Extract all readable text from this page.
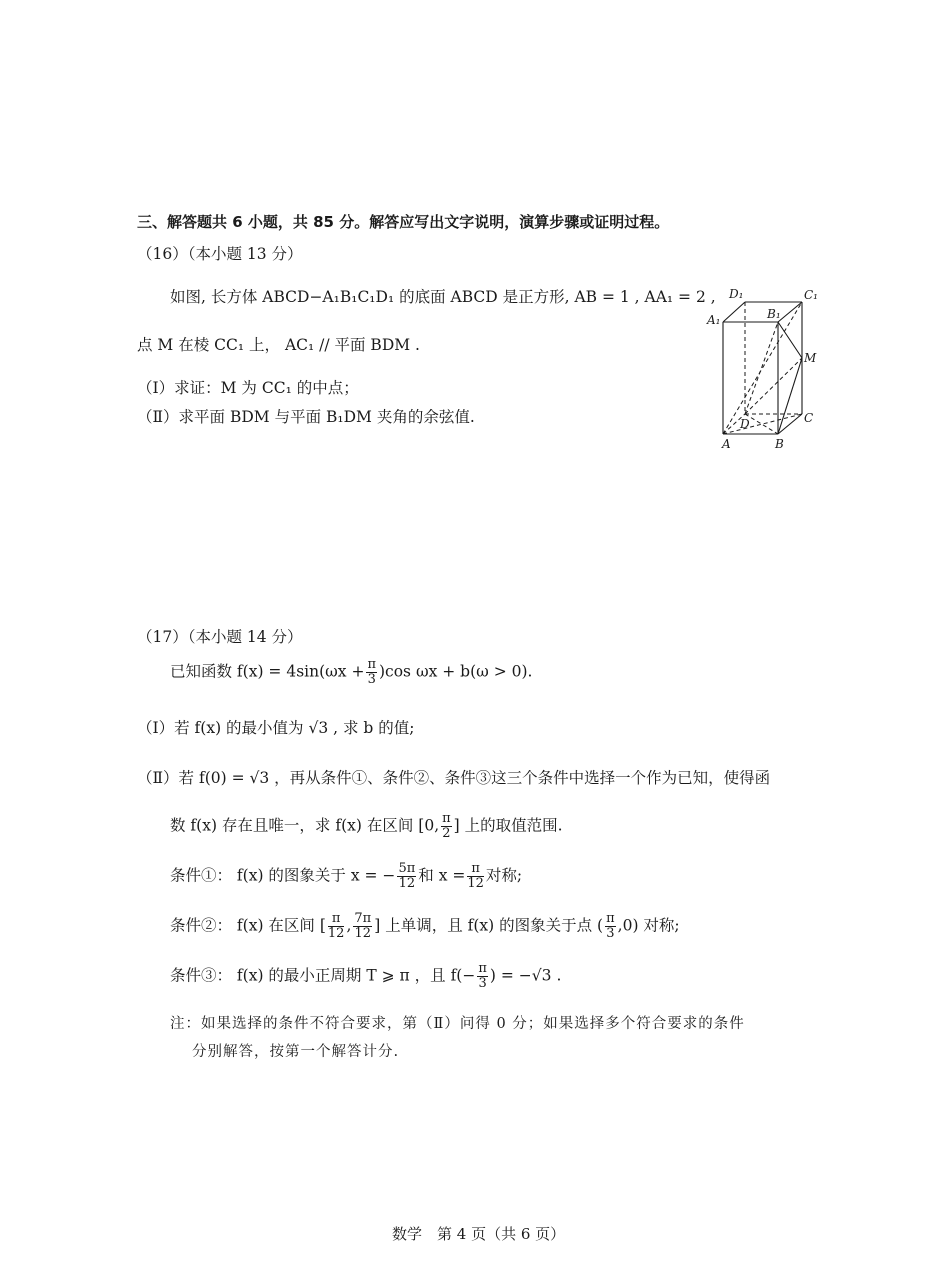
三、解答题共 6 小题，共 85 分。解答应写出文字说明，演算步骤或证明过程。
（16）（本小题 13 分）
如图, 长方体 ABCD−A₁B₁C₁D₁ 的底面 ABCD 是正方形, AB = 1 , AA₁ = 2 ,
点 M 在棱 CC₁ 上， AC₁ // 平面 BDM .
（Ⅰ）求证：M 为 CC₁ 的中点；
（Ⅱ）求平面 BDM 与平面 B₁DM 夹角的余弦值.
D₁	C₁
A₁	B₁
M
D	C
A	B
（17）（本小题 14 分）
已知函数 $f(x) = 4\sin(\omega x + \frac{\pi}{3} )\cos$ ωx + b(ω > 0).
（Ⅰ）若 f(x) 的最小值为 √3 , 求 b 的值;
（Ⅱ）若 f(0) = √3 ，再从条件①、条件②、条件③这三个条件中选择一个作为已知，使得函
数 f(x) 存在且唯一，求 f(x) 在区间 [0, $\frac{\pi}{2}$ ] 上的取值范围.
条件①： f(x) 的图象关于 x = − $\frac{5\pi}{12}$ 和 $x = \frac{\pi}{12}$ 对称;
条件②： f(x) 在区间 [ $\frac{\pi}{12}$ , $\frac{7\pi}{12}$ ] 上单调，且 f(x) 的图象关于点 ( $\frac{\pi}{3} ,0$) 对称;
条件③： f(x) 的最小正周期 T ⩾ π ，且 $f(- \frac{\pi}{3}$ ) = −√3 .
注：如果选择的条件不符合要求，第（Ⅱ）问得 0 分；如果选择多个符合要求的条件
分别解答，按第一个解答计分.
数学　第 4 页（共 6 页）
